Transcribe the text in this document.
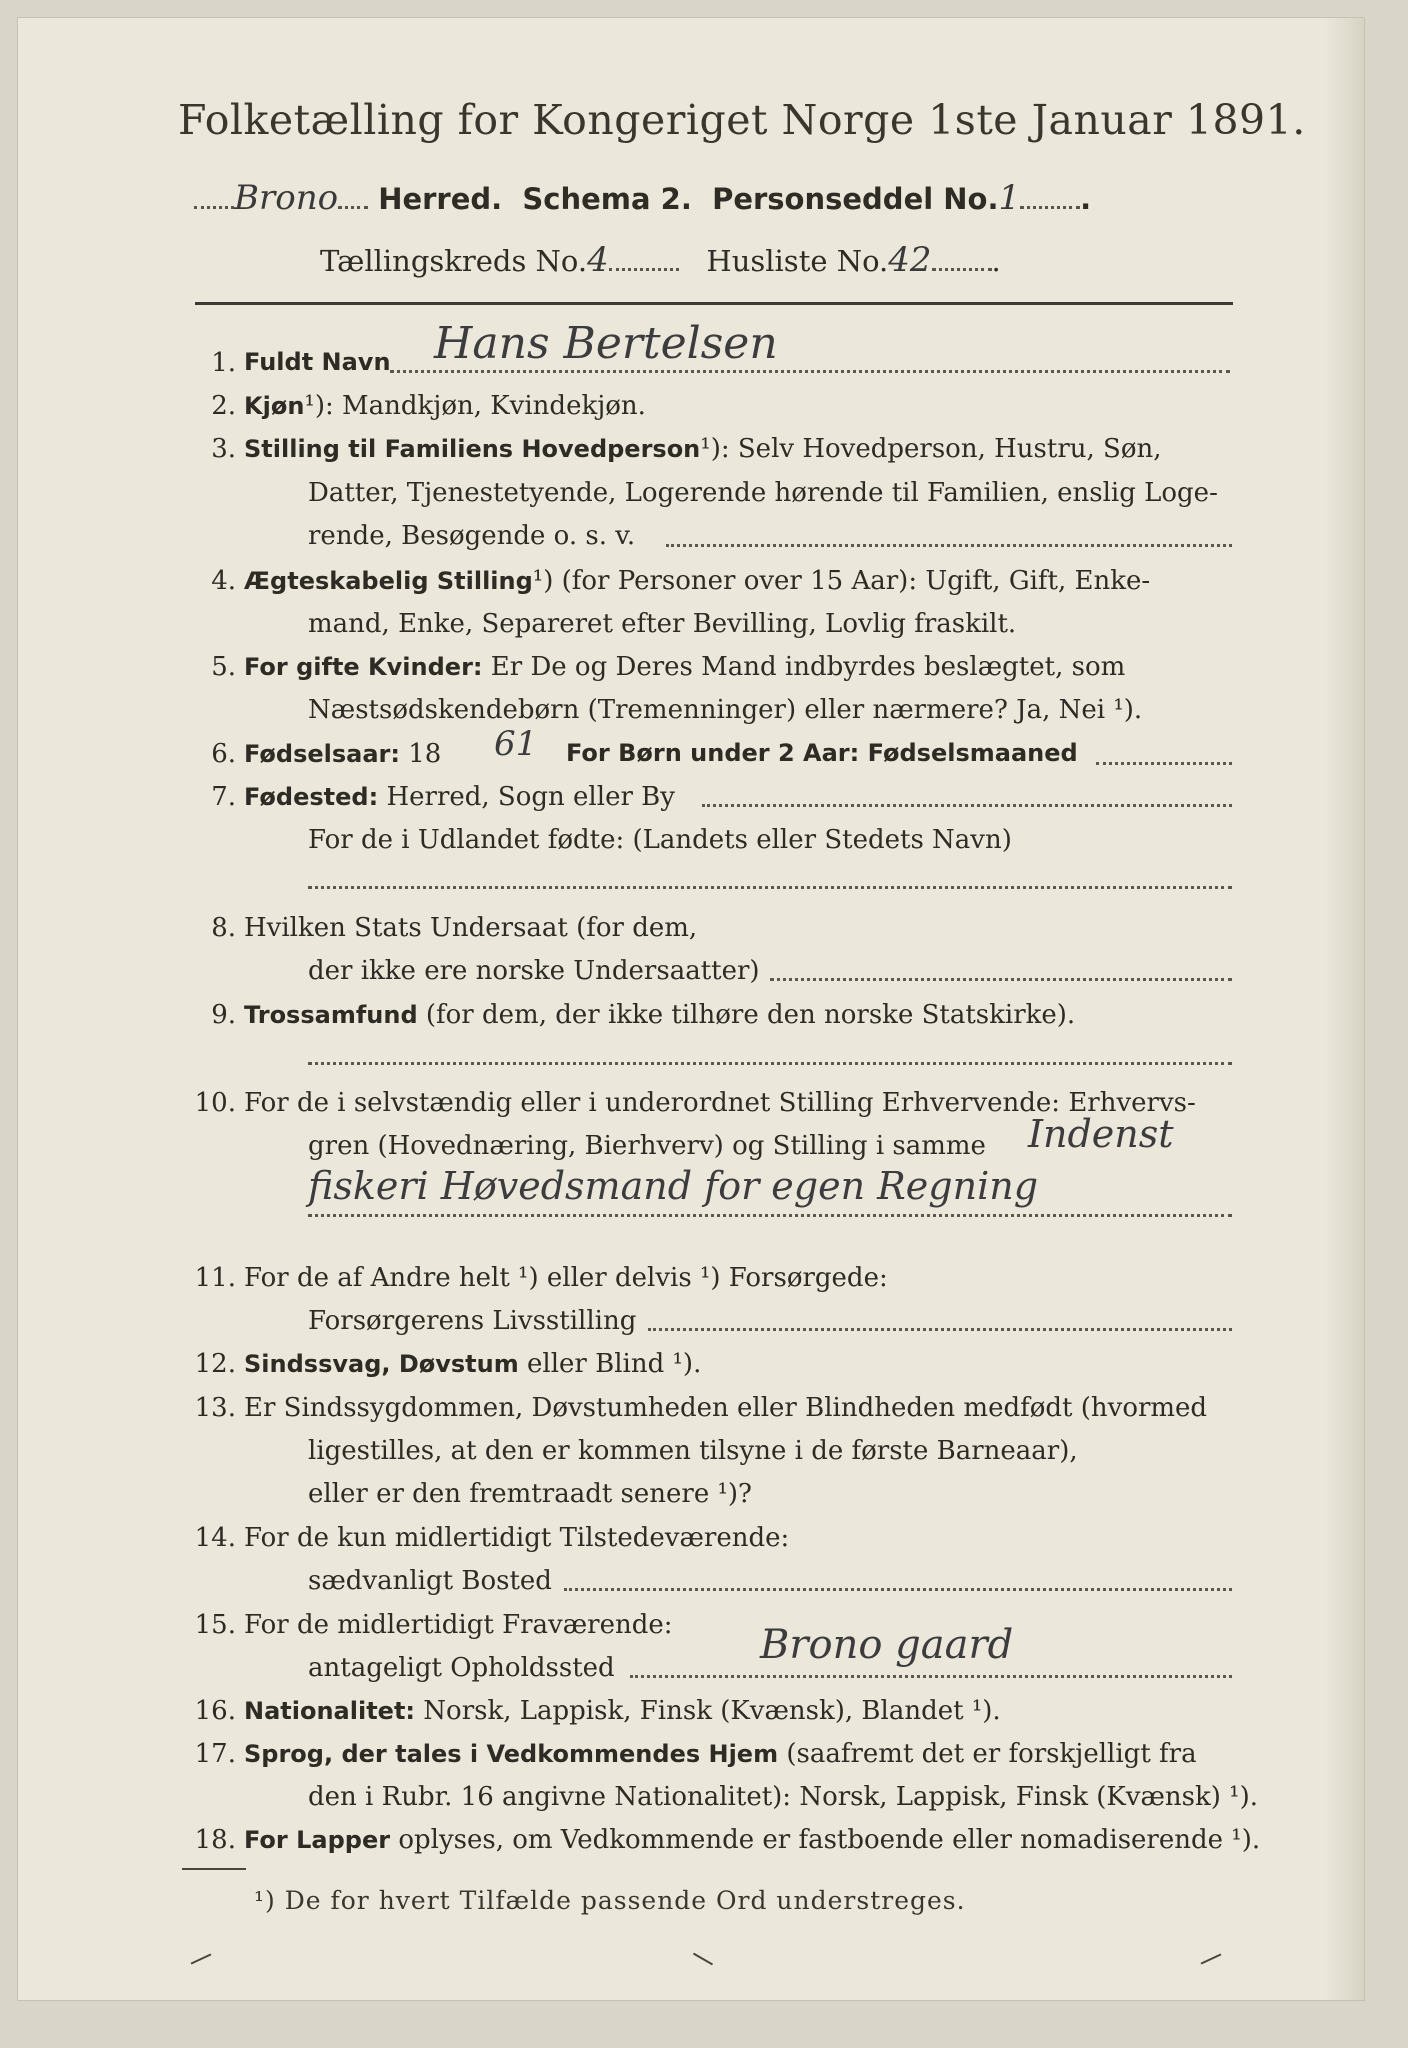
Folketælling for Kongeriget Norge 1ste Januar 1891.
Brono Herred. Schema 2. Personseddel No.1 .
Tællingskreds No.4	Husliste No.42 .
1. Fuldt Navn Hans Bertelsen
2. Kjøn¹): Mandkjøn, Kvindekjøn.
3. Stilling til Familiens Hovedperson¹): Selv Hovedperson, Hustru, Søn,
Datter, Tjenestetyende, Logerende hørende til Familien, enslig Loge-
rende, Besøgende o. s. v.
4. Ægteskabelig Stilling¹) (for Personer over 15 Aar): Ugift, Gift, Enke-
mand, Enke, Separeret efter Bevilling, Lovlig fraskilt.
5. For gifte Kvinder: Er De og Deres Mand indbyrdes beslægtet, som
Næstsødskendebørn (Tremenninger) eller nærmere? Ja, Nei ¹).
6. Fødselsaar: 18	For Børn under 2 Aar: Fødselsmaaned
61
7. Fødested: Herred, Sogn eller By
For de i Udlandet fødte: (Landets eller Stedets Navn)
8. Hvilken Stats Undersaat (for dem,
der ikke ere norske Undersaatter)
9. Trossamfund (for dem, der ikke tilhøre den norske Statskirke).
10. For de i selvstændig eller i underordnet Stilling Erhvervende: Erhvervs-
gren (Hovednæring, Bierhverv) og Stilling i samme	Indenst fiskeri Høvedsmand for egen Regning
11. For de af Andre helt ¹) eller delvis ¹) Forsørgede:
Forsørgerens Livsstilling
12. Sindssvag, Døvstum eller Blind ¹).
13. Er Sindssygdommen, Døvstumheden eller Blindheden medfødt (hvormed
ligestilles, at den er kommen tilsyne i de første Barneaar),
eller er den fremtraadt senere ¹)?
14. For de kun midlertidigt Tilstedeværende:
sædvanligt Bosted
15. For de midlertidigt Fraværende:
antageligt Opholdssted	Brono gaard
16. Nationalitet: Norsk, Lappisk, Finsk (Kvænsk), Blandet ¹).
17. Sprog, der tales i Vedkommendes Hjem (saafremt det er forskjelligt fra
den i Rubr. 16 angivne Nationalitet): Norsk, Lappisk, Finsk (Kvænsk) ¹).
18. For Lapper oplyses, om Vedkommende er fastboende eller nomadiserende ¹).
¹) De for hvert Tilfælde passende Ord understreges.
